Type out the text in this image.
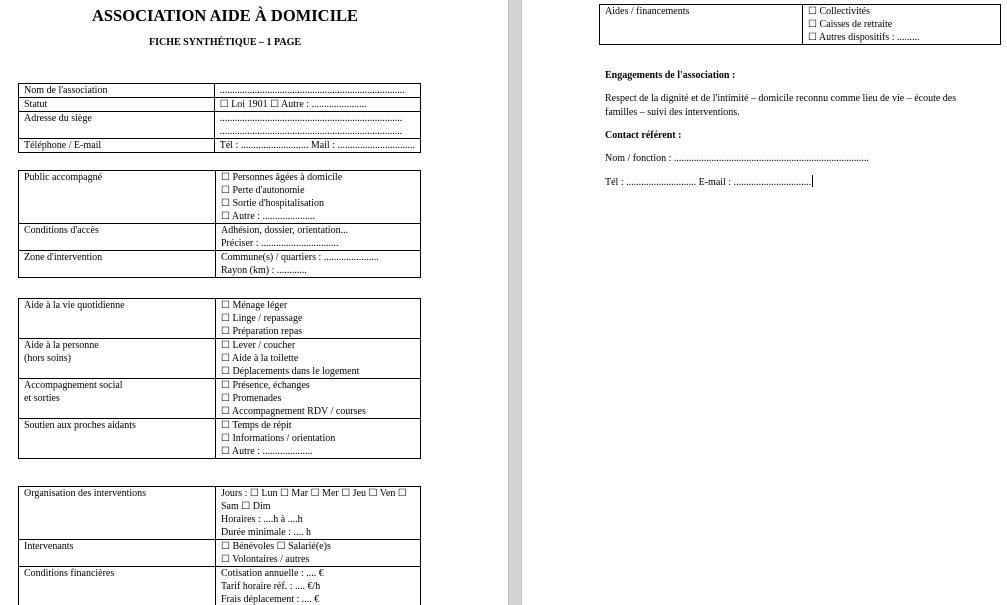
ASSOCIATION AIDE À DOMICILE
FICHE SYNTHÉTIQUE – 1 PAGE
Nom de l'association	..........................................................................

Statut	☐ Loi 1901 ☐ Autre : ......................

Adresse du siège	.........................................................................
.........................................................................

Téléphone / E-mail	Tél : ........................... Mail : ...............................
Public accompagné	☐ Personnes âgées à domicile
☐ Perte d'autonomie
☐ Sortie d'hospitalisation
☐ Autre : .....................

Conditions d'accès	Adhésion, dossier, orientation...
Préciser : ...............................

Zone d'intervention	Commune(s) / quartiers : ......................
Rayon (km) : ............
Aide à la vie quotidienne	☐ Ménage léger
☐ Linge / repassage
☐ Préparation repas

Aide à la personne
(hors soins)	☐ Lever / coucher
☐ Aide à la toilette
☐ Déplacements dans le logement

Accompagnement social
et sorties	☐ Présence, échanges
☐ Promenades
☐ Accompagnement RDV / courses

Soutien aux proches aidants	☐ Temps de répit
☐ Informations / orientation
☐ Autre : ....................
Organisation des interventions	Jours : ☐ Lun ☐ Mar ☐ Mer ☐ Jeu ☐ Ven ☐
Sam ☐ Dim
Horaires : ....h à ....h
Durée minimale : .... h

Intervenants	☐ Bénévoles ☐ Salarié(e)s
☐ Volontaires / autres

Conditions financières	Cotisation annuelle : .... €
Tarif horaire réf. : .... €/h
Frais déplacement : .... €
Aides / financements	☐ Collectivités
☐ Caisses de retraite
☐ Autres dispositifs : .........
Engagements de l'association :
Respect de la dignité et de l'intimité – domicile reconnu comme lieu de vie – écoute des
familles – suivi des interventions.
Contact référent :
Nom / fonction : ..............................................................................
Tél : ............................ E-mail : ...............................
